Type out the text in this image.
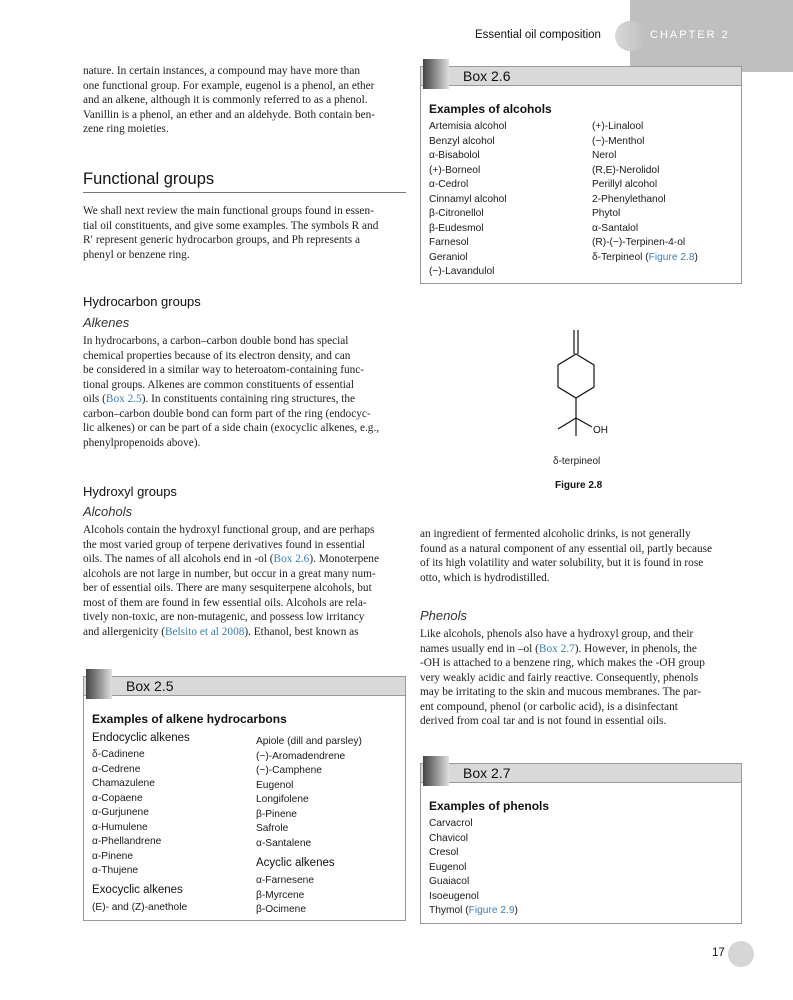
Essential oil composition	CHAPTER 2
nature. In certain instances, a compound may have more than
one functional group. For example, eugenol is a phenol, an ether
and an alkene, although it is commonly referred to as a phenol.
Vanillin is a phenol, an ether and an aldehyde. Both contain ben-
zene ring moieties.
Functional groups
We shall next review the main functional groups found in essen-
tial oil constituents, and give some examples. The symbols R and
R′ represent generic hydrocarbon groups, and Ph represents a
phenyl or benzene ring.
Hydrocarbon groups
Alkenes
In hydrocarbons, a carbon–carbon double bond has special
chemical properties because of its electron density, and can
be considered in a similar way to heteroatom-containing func-
tional groups. Alkenes are common constituents of essential
oils (Box 2.5). In constituents containing ring structures, the
carbon–carbon double bond can form part of the ring (endocyc-
lic alkenes) or can be part of a side chain (exocyclic alkenes, e.g.,
phenylpropenoids above).
Hydroxyl groups
Alcohols
Alcohols contain the hydroxyl functional group, and are perhaps
the most varied group of terpene derivatives found in essential
oils. The names of all alcohols end in -ol (Box 2.6). Monoterpene
alcohols are not large in number, but occur in a great many num-
ber of essential oils. There are many sesquiterpene alcohols, but
most of them are found in few essential oils. Alcohols are rela-
tively non-toxic, are non-mutagenic, and possess low irritancy
and allergenicity (Belsito et al 2008). Ethanol, best known as
Box 2.6
Examples of alcohols
Artemisia alcohol
Benzyl alcohol
α-Bisabolol
(+)-Borneol
α-Cedrol
Cinnamyl alcohol
β-Citronellol
β-Eudesmol
Farnesol
Geraniol
(−)-Lavandulol
(+)-Linalool
(−)-Menthol
Nerol
(R,E)-Nerolidol
Perillyl alcohol
2-Phenylethanol
Phytol
α-Santalol
(R)-(−)-Terpinen-4-ol
δ-Terpineol (Figure 2.8)
OH
δ-terpineol
Figure 2.8
an ingredient of fermented alcoholic drinks, is not generally
found as a natural component of any essential oil, partly because
of its high volatility and water solubility, but it is found in rose
otto, which is hydrodistilled.
Phenols
Like alcohols, phenols also have a hydroxyl group, and their
names usually end in –ol (Box 2.7). However, in phenols, the
-OH is attached to a benzene ring, which makes the -OH group
very weakly acidic and fairly reactive. Consequently, phenols
may be irritating to the skin and mucous membranes. The par-
ent compound, phenol (or carbolic acid), is a disinfectant
derived from coal tar and is not found in essential oils.
Box 2.5
Examples of alkene hydrocarbons
Endocyclic alkenes
δ-Cadinene
α-Cedrene
Chamazulene
α-Copaene
α-Gurjunene
α-Humulene
α-Phellandrene
α-Pinene
α-Thujene
Exocyclic alkenes
(E)- and (Z)-anethole
Apiole (dill and parsley)
(−)-Aromadendrene
(−)-Camphene
Eugenol
Longifolene
β-Pinene
Safrole
α-Santalene
Acyclic alkenes
α-Farnesene
β-Myrcene
β-Ocimene
Box 2.7
Examples of phenols
Carvacrol
Chavicol
Cresol
Eugenol
Guaiacol
Isoeugenol
Thymol (Figure 2.9)
17
